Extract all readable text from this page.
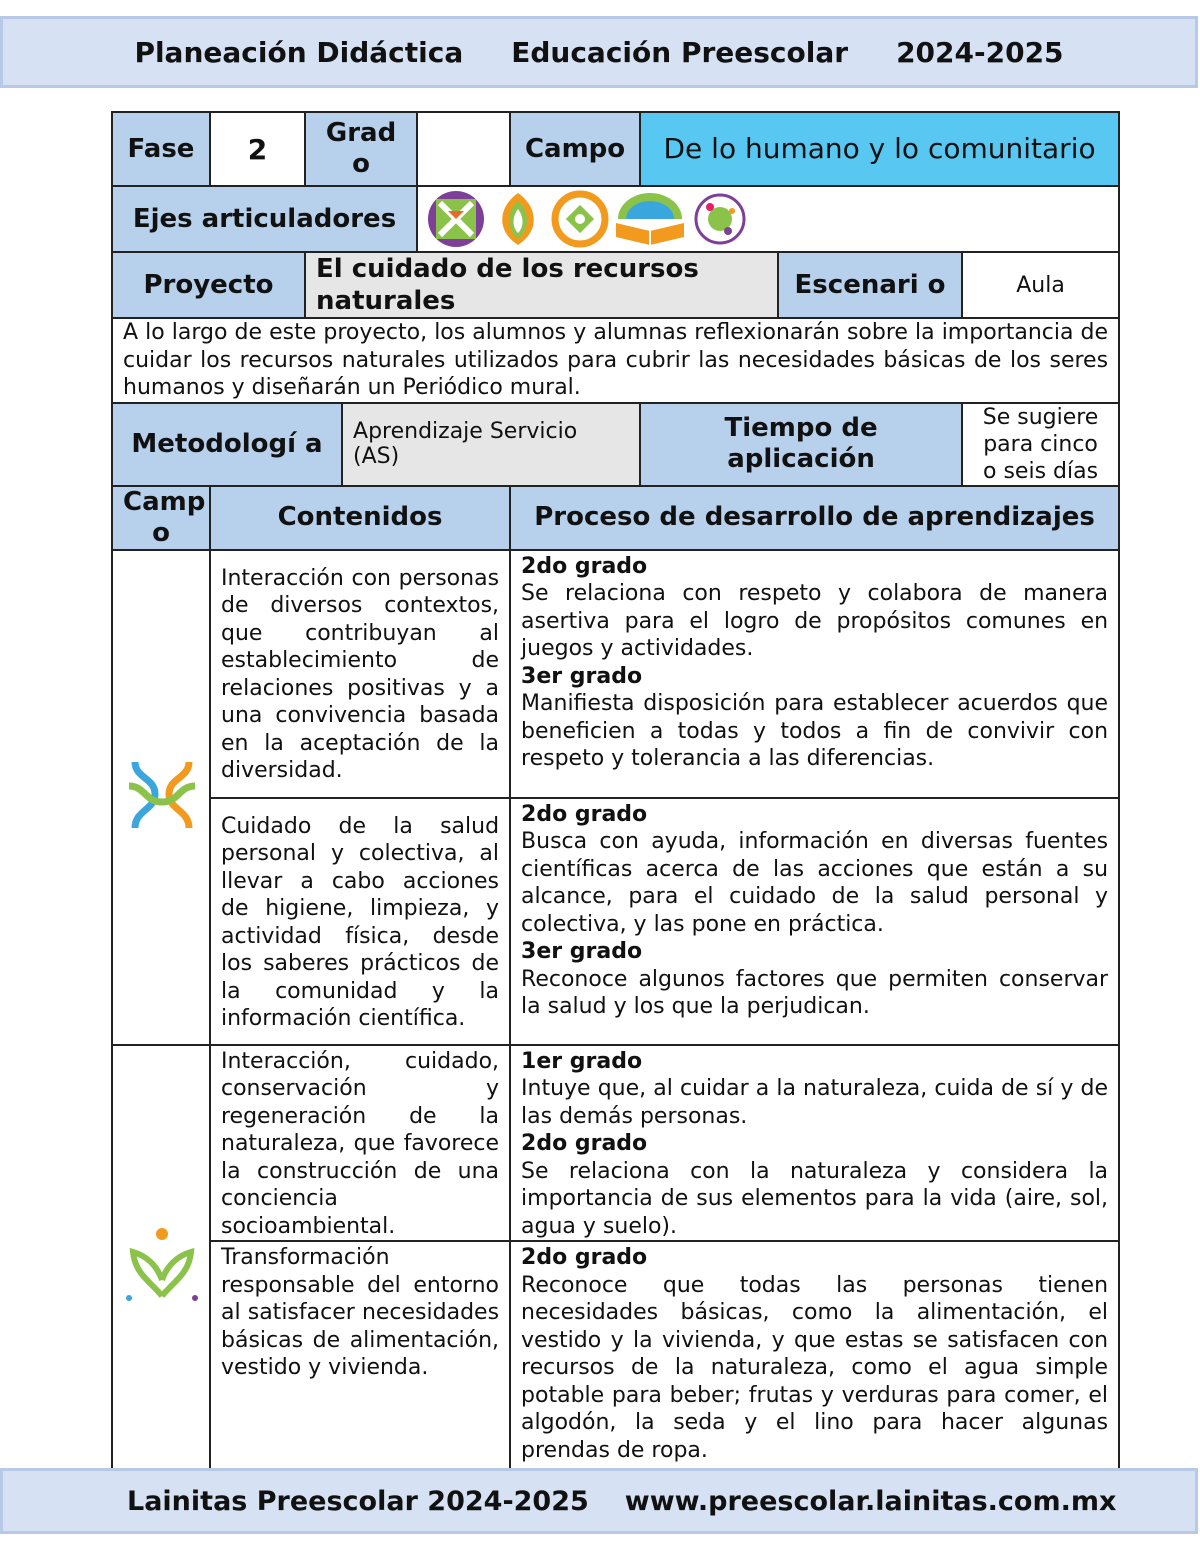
Planeación Didáctica Educación Preescolar 2024-2025
Fase	2	Grad o			Campo	De lo humano y lo comunitario		
Ejes articuladores	

Proyecto		El cuidado de los recursos naturales					Escenari o	Aula
A lo largo de este proyecto, los alumnos y alumnas reflexionarán sobre la importancia de cuidar los recursos naturales utilizados para cubrir las necesidades básicas de los seres humanos y diseñarán un Periódico mural.								
Metodologí a			Aprendizaje Servicio (AS)			Tiempo de aplicación		Se sugiere para cinco o seis días
Camp o	Contenidos				Proceso de desarrollo de aprendizajes			
	Interacción con personas de diversos contextos, que contribuyan al establecimiento de relaciones positivas y a una convivencia basada en la aceptación de la diversidad.				2do grado

Se relaciona con respeto y colabora de manera asertiva para el logro de propósitos comunes en juegos y actividades.

3er grado

Manifiesta disposición para establecer acuerdos que beneficien a todas y todos a fin de convivir con respeto y tolerancia a las diferencias.			

	Cuidado de la salud personal y colectiva, al llevar a cabo acciones de higiene, limpieza, y actividad física, desde los saberes prácticos de la comunidad y la información científica.				2do grado

Busca con ayuda, información en diversas fuentes científicas acerca de las acciones que están a su alcance, para el cuidado de la salud personal y colectiva, y las pone en práctica.

3er grado

Reconoce algunos factores que permiten conservar la salud y los que la perjudican.			

	Interacción, cuidado, conservación y regeneración de la naturaleza, que favorece la construcción de una conciencia socioambiental.				1er grado

Intuye que, al cuidar a la naturaleza, cuida de sí y de las demás personas.

2do grado

Se relaciona con la naturaleza y considera la importancia de sus elementos para la vida (aire, sol, agua y suelo).			

	Transformación responsable del entorno al satisfacer necesidades básicas de alimentación, vestido y vivienda.				2do grado

Reconoce que todas las personas tienen necesidades básicas, como la alimentación, el vestido y la vivienda, y que estas se satisfacen con recursos de la naturaleza, como el agua simple potable para beber; frutas y verduras para comer, el algodón, la seda y el lino para hacer algunas prendas de ropa.			

Lainitas Preescolar 2024-2025 www.preescolar.lainitas.com.mx
